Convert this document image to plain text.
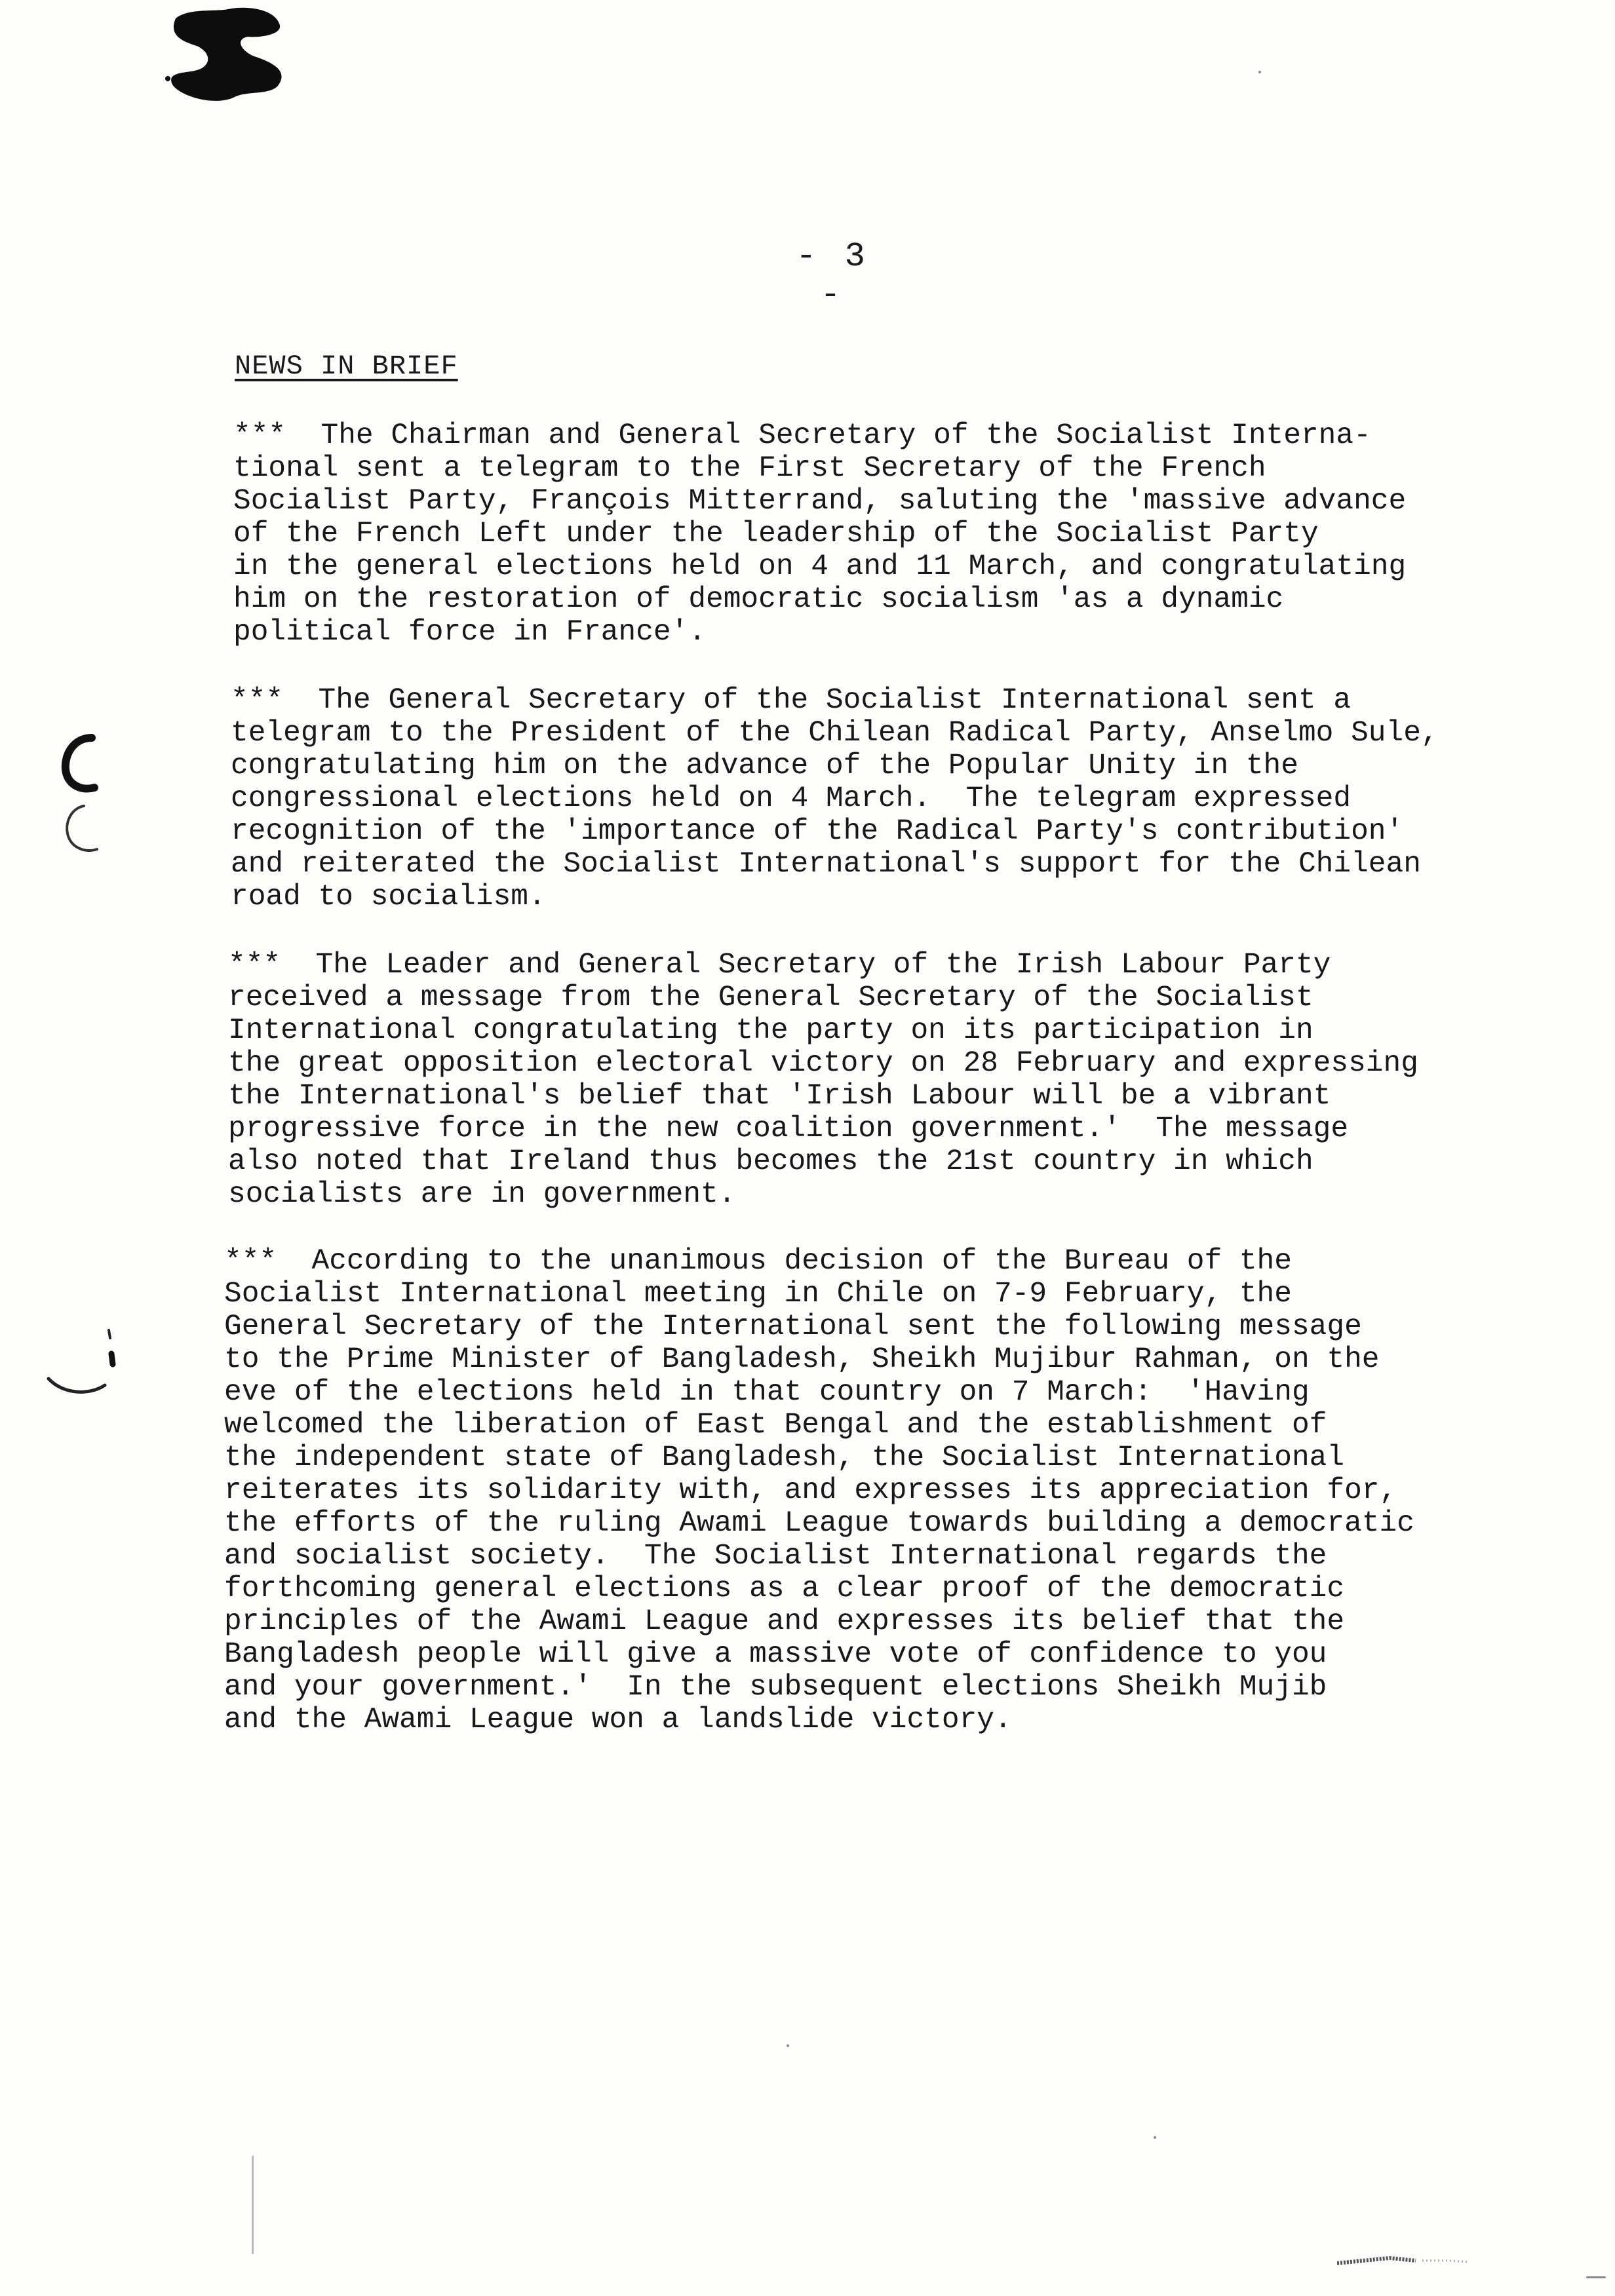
- 3 -
NEWS IN BRIEF
***  The Chairman and General Secretary of the Socialist Interna-
tional sent a telegram to the First Secretary of the French
Socialist Party, François Mitterrand, saluting the 'massive advance
of the French Left under the leadership of the Socialist Party
in the general elections held on 4 and 11 March, and congratulating
him on the restoration of democratic socialism 'as a dynamic
political force in France'.
***  The General Secretary of the Socialist International sent a
telegram to the President of the Chilean Radical Party, Anselmo Sule,
congratulating him on the advance of the Popular Unity in the
congressional elections held on 4 March.  The telegram expressed
recognition of the 'importance of the Radical Party's contribution'
and reiterated the Socialist International's support for the Chilean
road to socialism.
***  The Leader and General Secretary of the Irish Labour Party
received a message from the General Secretary of the Socialist
International congratulating the party on its participation in
the great opposition electoral victory on 28 February and expressing
the International's belief that 'Irish Labour will be a vibrant
progressive force in the new coalition government.'  The message
also noted that Ireland thus becomes the 21st country in which
socialists are in government.
***  According to the unanimous decision of the Bureau of the
Socialist International meeting in Chile on 7-9 February, the
General Secretary of the International sent the following message
to the Prime Minister of Bangladesh, Sheikh Mujibur Rahman, on the
eve of the elections held in that country on 7 March:  'Having
welcomed the liberation of East Bengal and the establishment of
the independent state of Bangladesh, the Socialist International
reiterates its solidarity with, and expresses its appreciation for,
the efforts of the ruling Awami League towards building a democratic
and socialist society.  The Socialist International regards the
forthcoming general elections as a clear proof of the democratic
principles of the Awami League and expresses its belief that the
Bangladesh people will give a massive vote of confidence to you
and your government.'  In the subsequent elections Sheikh Mujib
and the Awami League won a landslide victory.
